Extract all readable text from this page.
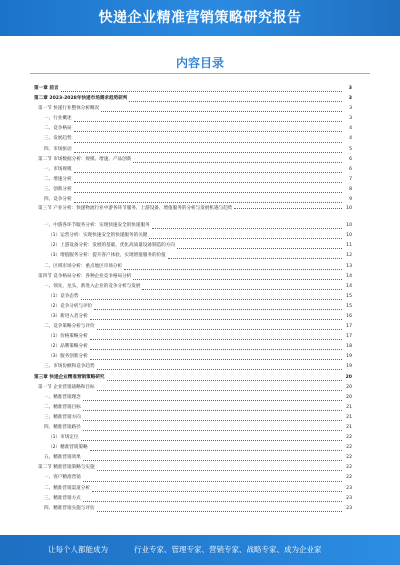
快递企业精准营销策略研究报告
内容目录
第一章 前言	3
第二章 2023-2028年快递市场需求趋势研判	3
第一节 快递行业整体分析概况	3
一、行业概述	3
二、竞争格局	4
三、发展趋势	4
四、市场驱动	5
第二节 市场数据分析：规模、增速、产品创新	6
一、市场规模	6
二、增速分析	7
三、创新分析	8
四、竞争分析	9
第三节 产业分析：快递物流行业中游各环节服务、上游设备、增值服务的分析与发展机遇与趋势	10
一、中游各环节服务分析：实现快速安全的快递服务	10
（1）运营分析：实现快速安全的快递服务的关键	10
（2）上游设备分析：发展的基础，优化高质量设备制造的方向	11
（3）增值服务分析：提升客户体验，实现增值服务的价值	12
二、区域市场分析：重点地区市场分析	13
第四节 竞争格局分析：各种企业竞争格局分析	14
一、领先、龙头、新进入企业的竞争分析与发展	14
（1）竞争态势	15
（2）竞争分析与评价	15
（3）新进入者分析	16
二、竞争策略分析与评价	17
（1）价格策略分析	17
（2）品牌策略分析	18
（3）服务创新分析	19
三、市场份额和竞争趋势	19
第三章 快递企业精准营销策略研究	20
第一节 企业营销战略和目标	20
一、精准营销理念	20
二、精准营销目标	21
三、精准营销方向	21
四、精准营销路径	21
（1）市场定位	22
（2）精准营销策略	22
五、精准营销效果	22
第二节 精准营销策略与实施	22
一、客户精准营销	22
二、精准营销渠道分析	23
三、精准营销方式	23
四、精准营销实施与评估	23
让每个人都能成为	行业专家、管理专家、营销专家、战略专家、成为企业家
